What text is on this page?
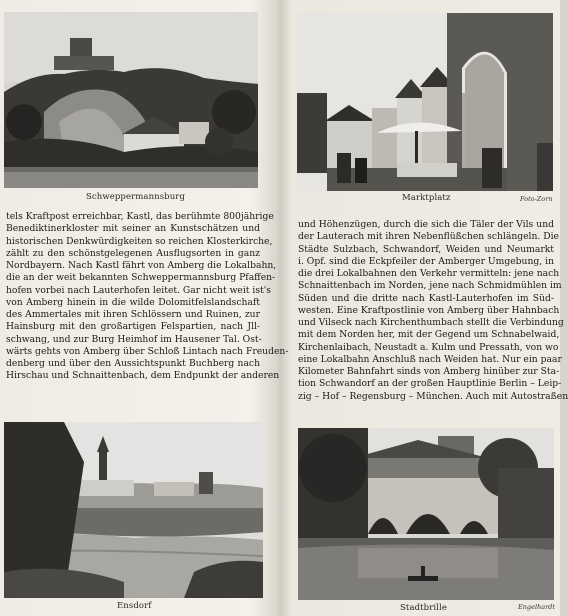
Schweppermannsburg	Marktplatz	Foto-Zorn
tels Kraftpost erreichbar, Kastl, das berühmte 800jährige
Benediktinerkloster mit seiner an Kunstschätzen und
historischen Denkwürdigkeiten so reichen Klosterkirche,
zählt zu den schönstgelegenen Ausflugsorten in ganz
Nordbayern. Nach Kastl fährt von Amberg die Lokalbahn,
die an der weit bekannten Schweppermannsburg Pfaffen-
hofen vorbei nach Lauterhofen leitet. Gar nicht weit ist's
von Amberg hinein in die wilde Dolomitfelslandschaft
des Ammertales mit ihren Schlössern und Ruinen, zur
Hainsburg mit den großartigen Felspartien, nach Jll-
schwang, und zur Burg Heimhof im Hausener Tal. Ost-
wärts gehts von Amberg über Schloß Lintach nach Freuden-
denberg und über den Aussichtspunkt Buchberg nach
Hirschau und Schnaittenbach, dem Endpunkt der anderen
und Höhenzügen, durch die sich die Täler der Vils und
der Lauterach mit ihren Nebenflüßchen schlängeln. Die
Städte Sulzbach, Schwandorf, Weiden und Neumarkt
i. Opf. sind die Eckpfeiler der Amberger Umgebung, in
die drei Lokalbahnen den Verkehr vermitteln: jene nach
Schnaittenbach im Norden, jene nach Schmidmühlen im
Süden und die dritte nach Kastl-Lauterhofen im Süd-
westen. Eine Kraftpostlinie von Amberg über Hahnbach
und Vilseck nach Kirchenthumbach stellt die Verbindung
mit dem Norden her, mit der Gegend um Schnabelwaid,
Kirchenlaibach, Neustadt a. Kulm und Pressath, von wo
eine Lokalbahn Anschluß nach Weiden hat. Nur ein paar
Kilometer Bahnfahrt sinds von Amberg hinüber zur Sta-
tion Schwandorf an der großen Hauptlinie Berlin – Leip-
zig – Hof – Regensburg – München. Auch mit Autostraßen
Ensdorf	Stadtbrille	Engelhardt
